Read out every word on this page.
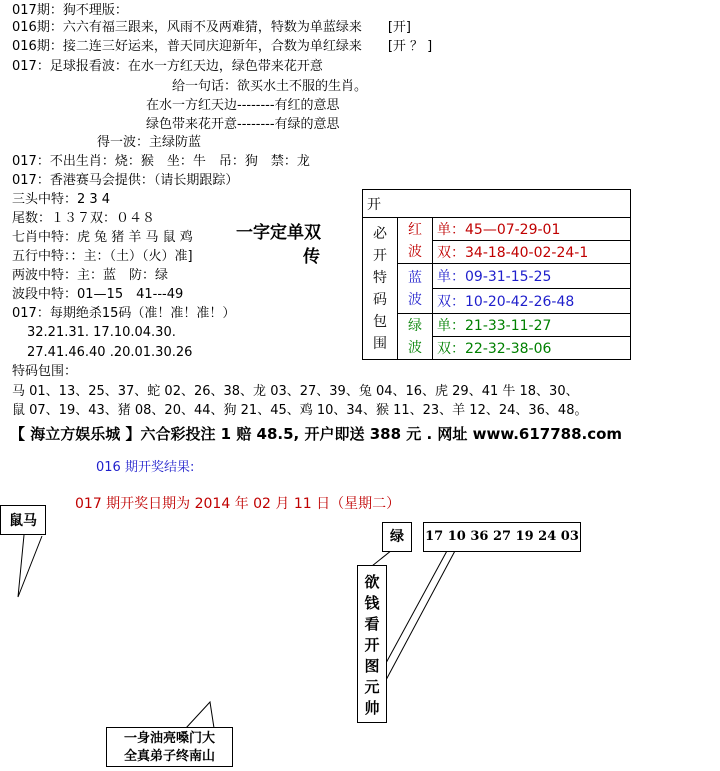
017期：狗不理版：
016期：六六有福三跟来，风雨不及两难猜，特数为单蓝绿来　　[开]
016期：接二连三好运来，普天同庆迎新年，合数为单红绿来　　[开 ？ ]
017：足球报看波：在水一方红天边，绿色带来花开意
给一句话：欲买水土不服的生肖。
在水一方红天边--------有红的意思
绿色带来花开意--------有绿的意思
得一波：主绿防蓝
017：不出生肖：烧：猴　坐：牛　吊：狗　禁：龙
017：香港赛马会提供：（请长期跟踪）
三头中特：2 3 4
尾数：１３７双：０４８
七肖中特：虎 兔 猪 羊 马 鼠 鸡
五行中特：：主：（土）（火）准]
两波中特：主：蓝　防：绿
波段中特：01—15　41---49
017：每期绝杀15码（准！准！准！）
32.21.31. 17.10.04.30.
27.41.46.40 .20.01.30.26
特码包围：
马 01、13、25、37、蛇 02、26、38、龙 03、27、39、兔 04、16、虎 29、41 牛 18、30、
鼠 07、19、43、猪 08、20、44、狗 21、45、鸡 10、34、猴 11、23、羊 12、24、36、48。
一字定单双
传
开		
必开特码包围	红波	单：45—07-29-01
		双：34-18-40-02-24-1
	蓝波	单：09-31-15-25
		双：10-20-42-26-48
	绿波	单：21-33-11-27
		双：22-32-38-06
【 海立方娱乐城 】六合彩投注 1 赔 48.5, 开户即送 388 元 . 网址 www.617788.com
016 期开奖结果:
017 期开奖日期为 2014 年 02 月 11 日（星期二）
鼠马
绿	17 10 36 27 19 24 03
欲钱看开图元帅
一身油亮嗓门大
全真弟子终南山
